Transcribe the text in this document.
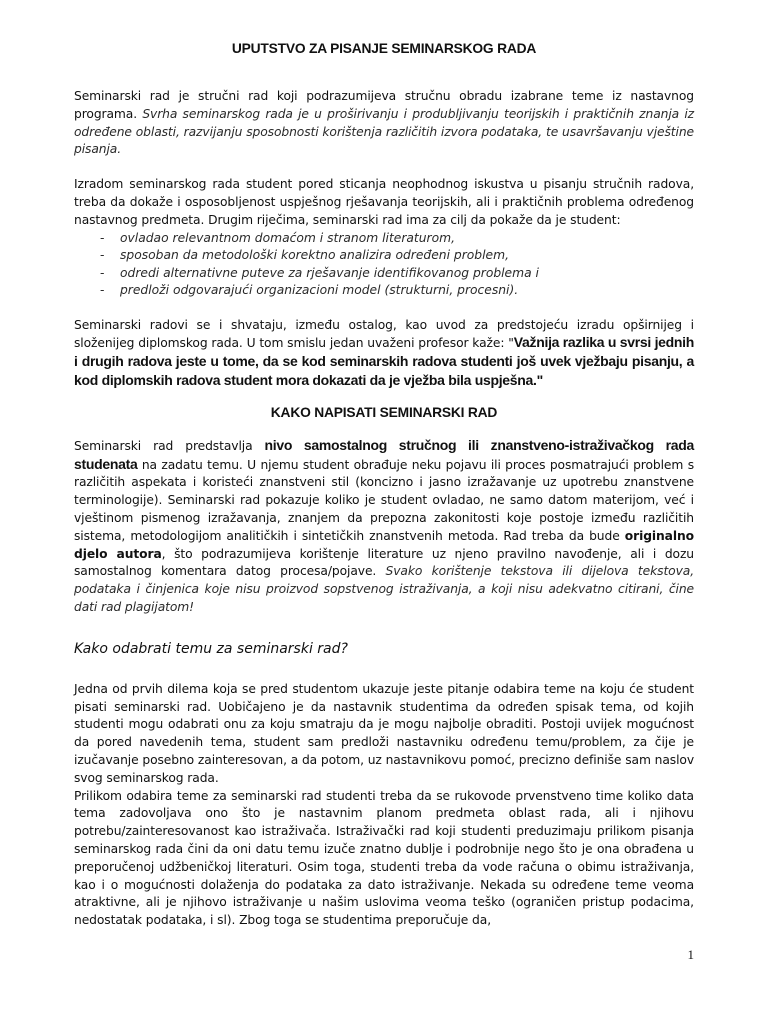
UPUTSTVO ZA PISANJE SEMINARSKOG RADA

Seminarski rad je stručni rad koji podrazumijeva stručnu obradu izabrane teme iz nastavnog programa. Svrha seminarskog rada je u proširivanju i produbljivanju teorijskih i praktičnih znanja iz određene oblasti, razvijanju sposobnosti korištenja različitih izvora podataka, te usavršavanju vještine pisanja.

Izradom seminarskog rada student pored sticanja neophodnog iskustva u pisanju stručnih radova, treba da dokaže i osposobljenost uspješnog rješavanja teorijskih, ali i praktičnih problema određenog nastavnog predmeta. Drugim riječima, seminarski rad ima za cilj da pokaže da je student:

-	ovladao relevantnom domaćom i stranom literaturom,
-	sposoban da metodološki korektno analizira određeni problem,
-	odredi alternativne puteve za rješavanje identifikovanog problema i
-	predloži odgovarajući organizacioni model (strukturni, procesni).

Seminarski radovi se i shvataju, između ostalog, kao uvod za predstojeću izradu opširnijeg i složenijeg diplomskog rada. U tom smislu jedan uvaženi profesor kaže: "Važnija razlika u svrsi jednih i drugih radova jeste u tome, da se kod seminarskih radova studenti još uvek vježbaju pisanju, a kod diplomskih radova student mora dokazati da je vježba bila uspješna."

KAKO NAPISATI SEMINARSKI RAD

Seminarski rad predstavlja nivo samostalnog stručnog ili znanstveno-istraživačkog rada studenata na zadatu temu. U njemu student obrađuje neku pojavu ili proces posmatrajući problem s različitih aspekata i koristeći znanstveni stil (koncizno i jasno izražavanje uz upotrebu znanstvene terminologije). Seminarski rad pokazuje koliko je student ovladao, ne samo datom materijom, već i vještinom pismenog izražavanja, znanjem da prepozna zakonitosti koje postoje između različitih sistema, metodologijom analitičkih i sintetičkih znanstvenih metoda. Rad treba da bude originalno djelo autora, što podrazumijeva korištenje literature uz njeno pravilno navođenje, ali i dozu samostalnog komentara datog procesa/pojave. Svako korištenje tekstova ili dijelova tekstova, podataka i činjenica koje nisu proizvod sopstvenog istraživanja, a koji nisu adekvatno citirani, čine dati rad plagijatom!

Kako odabrati temu za seminarski rad?

Jedna od prvih dilema koja se pred studentom ukazuje jeste pitanje odabira teme na koju će student pisati seminarski rad. Uobičajeno je da nastavnik studentima da određen spisak tema, od kojih studenti mogu odabrati onu za koju smatraju da je mogu najbolje obraditi. Postoji uvijek mogućnost da pored navedenih tema, student sam predloži nastavniku određenu temu/problem, za čije je izučavanje posebno zainteresovan, a da potom, uz nastavnikovu pomoć, precizno definiše sam naslov svog seminarskog rada.

Prilikom odabira teme za seminarski rad studenti treba da se rukovode prvenstveno time koliko data tema zadovoljava ono što je nastavnim planom predmeta oblast rada, ali i njihovu potrebu/zainteresovanost kao istraživača. Istraživački rad koji studenti preduzimaju prilikom pisanja seminarskog rada čini da oni datu temu izuče znatno dublje i podrobnije nego što je ona obrađena u preporučenoj udžbeničkoj literaturi. Osim toga, studenti treba da vode računa o obimu istraživanja, kao i o mogućnosti dolaženja do podataka za dato istraživanje. Nekada su određene teme veoma atraktivne, ali je njihovo istraživanje u našim uslovima veoma teško (ograničen pristup podacima, nedostatak podataka, i sl). Zbog toga se studentima preporučuje da,

1
